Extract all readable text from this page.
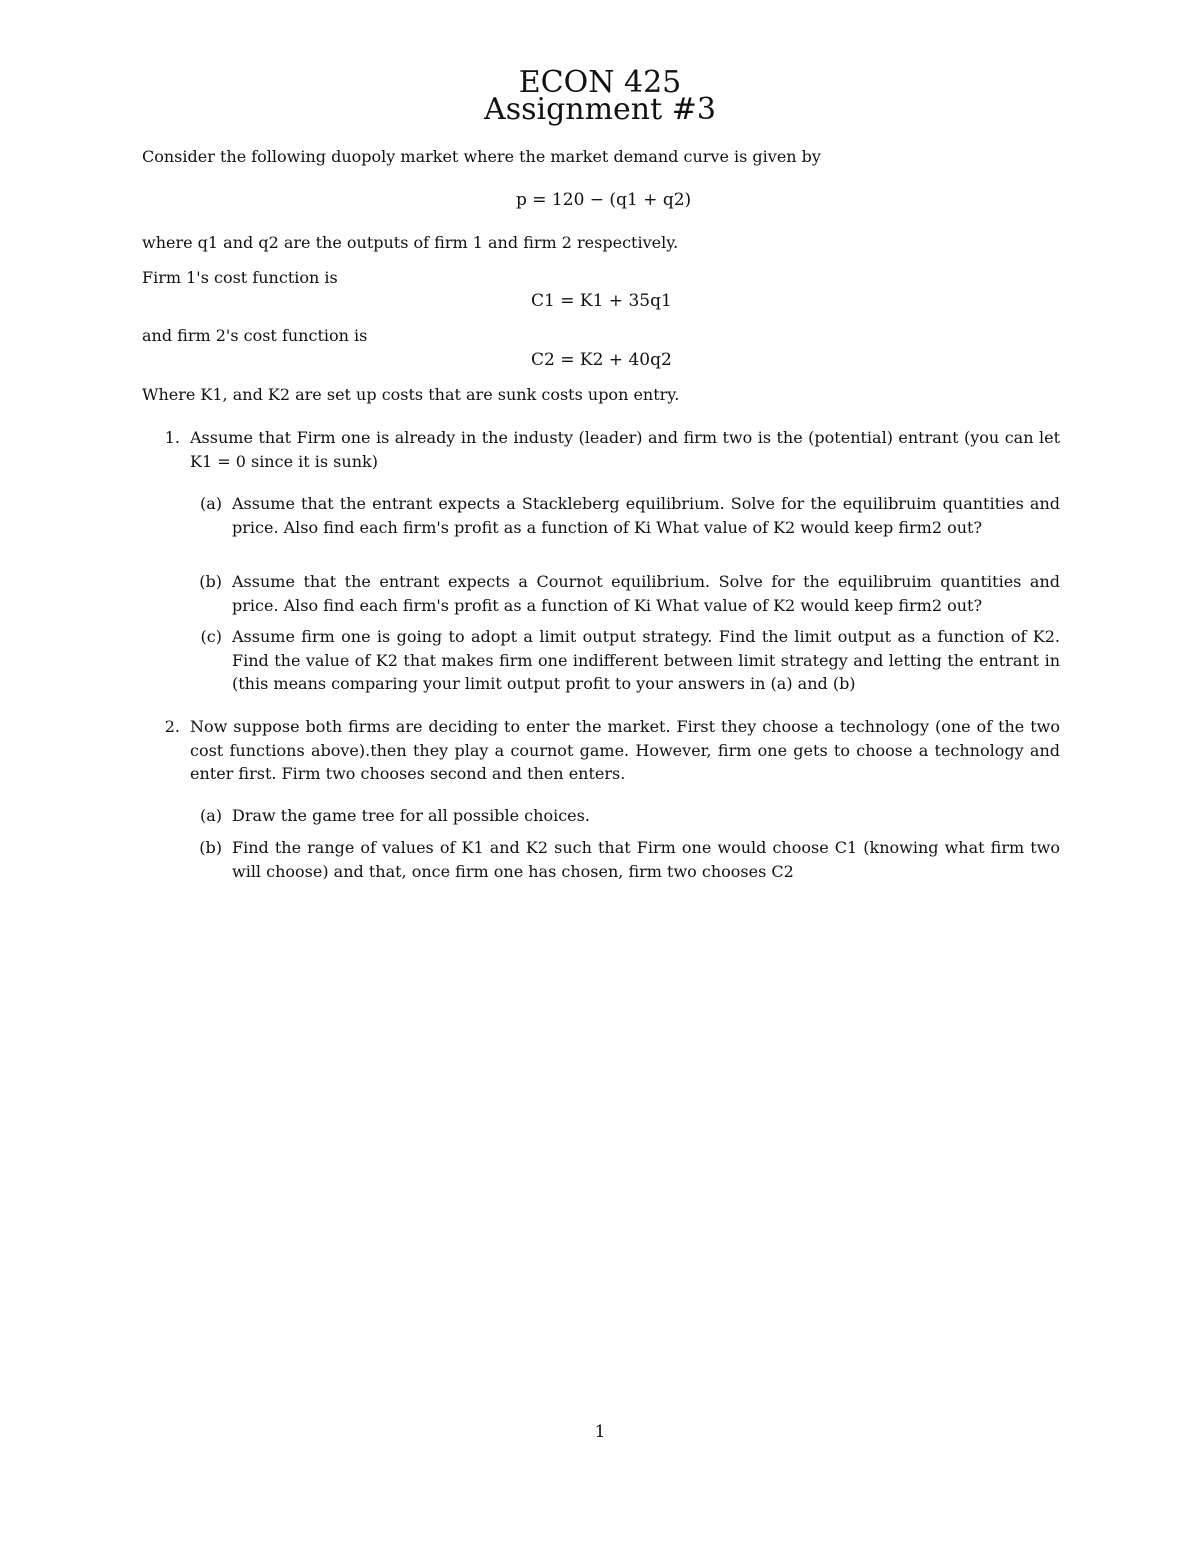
ECON 425
Assignment #3
Consider the following duopoly market where the market demand curve is given by
p = 120 − (q1 + q2)
where q1 and q2 are the outputs of firm 1 and firm 2 respectively.
Firm 1's cost function is
C1 = K1 + 35q1
and firm 2's cost function is
C2 = K2 + 40q2
Where K1, and K2 are set up costs that are sunk costs upon entry.
1. Assume that Firm one is already in the industy (leader) and firm two is the (potential) entrant (you can let K1 = 0 since it is sunk)
(a) Assume that the entrant expects a Stackleberg equilibrium. Solve for the equilibruim quantities and price. Also find each firm's profit as a function of Ki What value of K2 would keep firm2 out?
(b) Assume that the entrant expects a Cournot equilibrium. Solve for the equilibruim quantities and price. Also find each firm's profit as a function of Ki What value of K2 would keep firm2 out?
(c) Assume firm one is going to adopt a limit output strategy. Find the limit output as a function of K2. Find the value of K2 that makes firm one indifferent between limit strategy and letting the entrant in (this means comparing your limit output profit to your answers in (a) and (b)
2. Now suppose both firms are deciding to enter the market. First they choose a technology (one of the two cost functions above).then they play a cournot game. However, firm one gets to choose a technology and enter first. Firm two chooses second and then enters.
(a) Draw the game tree for all possible choices.
(b) Find the range of values of K1 and K2 such that Firm one would choose C1 (knowing what firm two will choose) and that, once firm one has chosen, firm two chooses C2
1
